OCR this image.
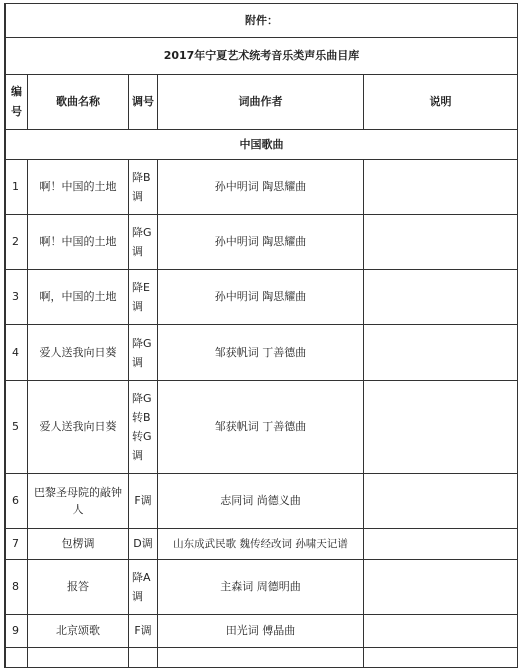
附件：				
2017年宁夏艺术统考音乐类声乐曲目库				

编号	歌曲名称	调号	词曲作者	说明
中国歌曲				
1	啊！中国的土地	降B调	孙中明词 陶思耀曲	
2	啊！中国的土地	降G调	孙中明词 陶思耀曲	
3	啊，中国的土地	降E调	孙中明词 陶思耀曲	
4	爱人送我向日葵	降G调	邹获帆词 丁善德曲	
5	爱人送我向日葵	降G转B转G调	邹获帆词 丁善德曲	
6	巴黎圣母院的敲钟人	F调	志同词 尚德义曲	
7	包楞调	D调	山东成武民歌 魏传经改词 孙啸天记谱	
8	报答	降A调	主森词 周德明曲	
9	北京颂歌	F调	田光词 傅晶曲	
